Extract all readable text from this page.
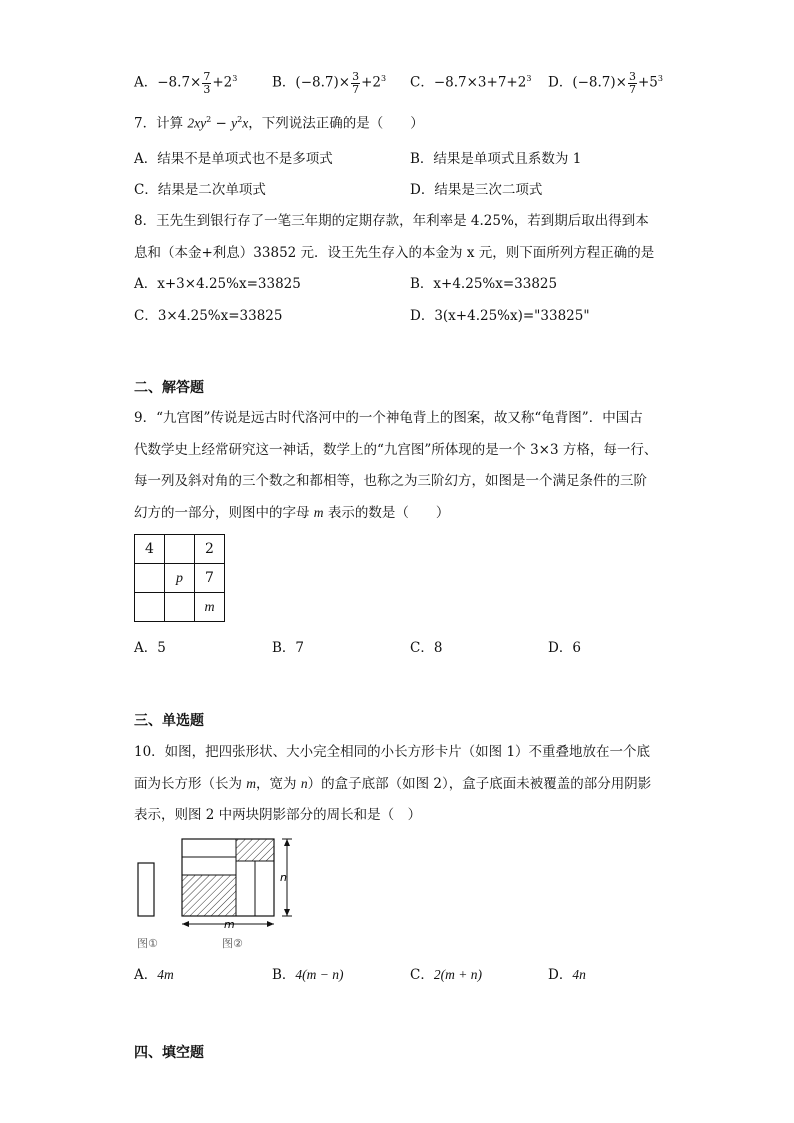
A．$-8.7\times \frac{7}{3} +2^3$	B．$(-8.7)\times \frac{3}{7} +2^3$ C．$-8.7\times 3+7+2^3$ D．$(-8.7)\times \frac{3}{7} +5^3$
7．计算 $2xy^2 - y^2x$，下列说法正确的是（　　）
A．结果不是单项式也不是多项式	B．结果是单项式且系数为 1
C．结果是二次单项式	D．结果是三次二项式
8．王先生到银行存了一笔三年期的定期存款，年利率是 4.25%，若到期后取出得到本
息和（本金+利息）33852 元．设王先生存入的本金为 x 元，则下面所列方程正确的是
A．x+3×4.25%x=33825	B．x+4.25%x=33825
C．3×4.25%x=33825	D．3(x+4.25%x)="33825"
二、解答题
9．“九宫图”传说是远古时代洛河中的一个神龟背上的图案，故又称“龟背图”．中国古
代数学史上经常研究这一神话，数学上的“九宫图”所体现的是一个 3×3 方格，每一行、
每一列及斜对角的三个数之和都相等，也称之为三阶幻方，如图是一个满足条件的三阶
幻方的一部分，则图中的字母 m 表示的数是（　　）
4		2
	p	7
		m
A．5	B．7	C．8	D．6
三、单选题
10．如图，把四张形状、大小完全相同的小长方形卡片（如图 1）不重叠地放在一个底
面为长方形（长为 m，宽为 n）的盒子底部（如图 2），盒子底面未被覆盖的部分用阴影
表示，则图 2 中两块阴影部分的周长和是（　）
n
m
图①	图②
A．4m	B．4(m − n)	C．2(m + n)	D．4n
四、填空题
